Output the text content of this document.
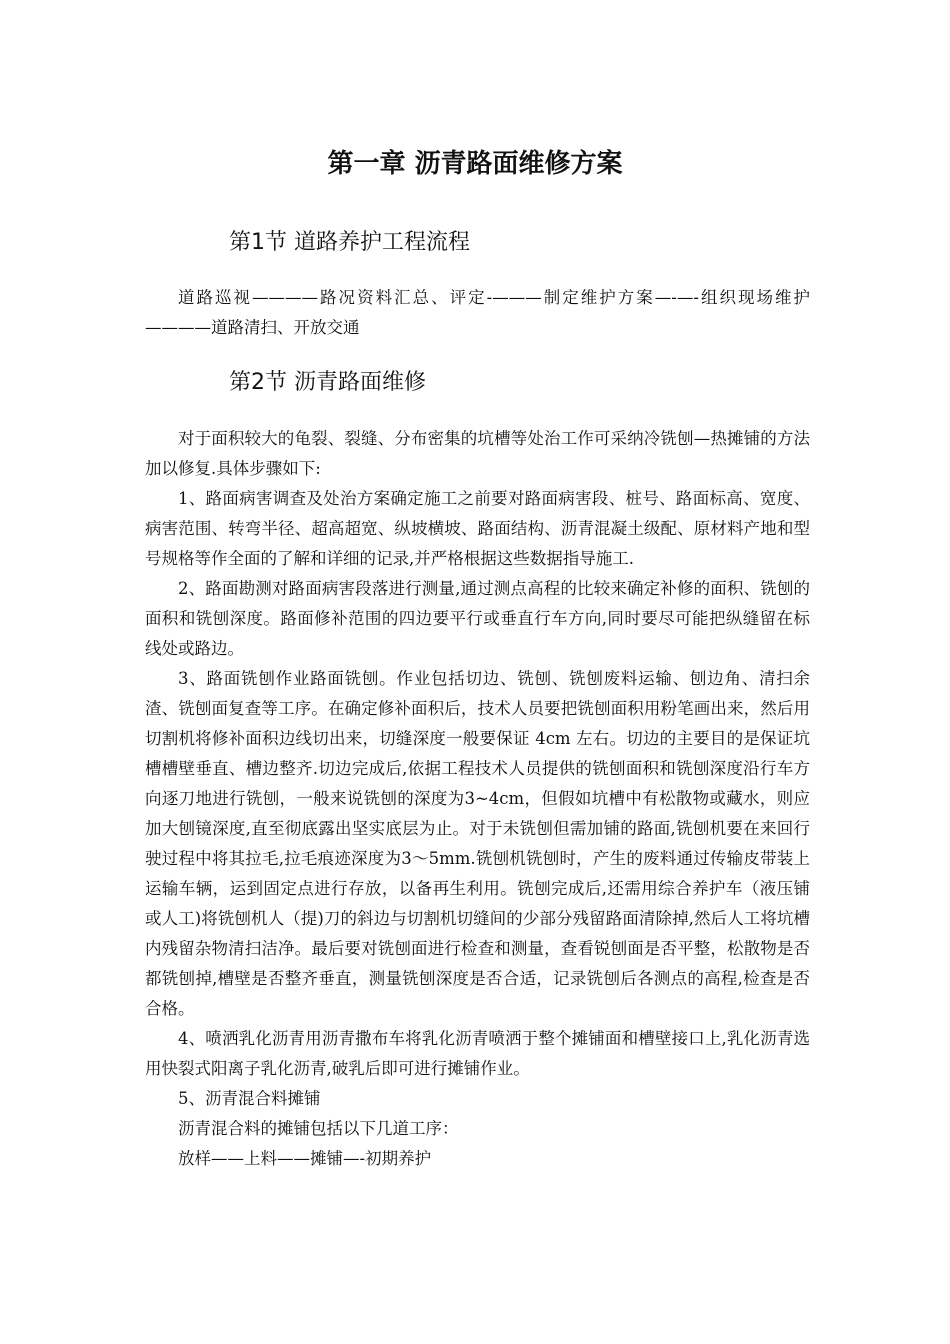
第一章 沥青路面维修方案
第1节 道路养护工程流程

道路巡视————路况资料汇总、评定-———制定维护方案—-—-组织现场维护————道路清扫、开放交通

第2节 沥青路面维修

对于面积较大的龟裂、裂缝、分布密集的坑槽等处治工作可采纳冷铣刨—热摊铺的方法加以修复.具体步骤如下:

1、路面病害调查及处治方案确定施工之前要对路面病害段、桩号、路面标高、宽度、病害范围、转弯半径、超高超宽、纵坡横坡、路面结构、沥青混凝土级配、原材料产地和型号规格等作全面的了解和详细的记录,并严格根据这些数据指导施工.

2、路面勘测对路面病害段落进行测量,通过测点高程的比较来确定补修的面积、铣刨的面积和铣刨深度。路面修补范围的四边要平行或垂直行车方向,同时要尽可能把纵缝留在标线处或路边。

3、路面铣刨作业路面铣刨。作业包括切边、铣刨、铣刨废料运输、刨边角、清扫余渣、铣刨面复查等工序。在确定修补面积后，技术人员要把铣刨面积用粉笔画出来，然后用切割机将修补面积边线切出来，切缝深度一般要保证 4cm 左右。切边的主要目的是保证坑槽槽壁垂直、槽边整齐.切边完成后,依据工程技术人员提供的铣刨面积和铣刨深度沿行车方向逐刀地进行铣刨，一般来说铣刨的深度为3~4cm，但假如坑槽中有松散物或藏水，则应加大刨镜深度,直至彻底露出坚实底层为止。对于未铣刨但需加铺的路面,铣刨机要在来回行驶过程中将其拉毛,拉毛痕迹深度为3～5mm.铣刨机铣刨时，产生的废料通过传输皮带装上运输车辆，运到固定点进行存放，以备再生利用。铣刨完成后,还需用综合养护车（液压铺或人工)将铣刨机人（提)刀的斜边与切割机切缝间的少部分残留路面清除掉,然后人工将坑槽内残留杂物清扫洁净。最后要对铣刨面进行检查和测量，查看锐刨面是否平整，松散物是否都铣刨掉,槽壁是否整齐垂直，测量铣刨深度是否合适，记录铣刨后各测点的高程,检查是否合格。

4、喷洒乳化沥青用沥青撒布车将乳化沥青喷洒于整个摊铺面和槽壁接口上,乳化沥青选用快裂式阳离子乳化沥青,破乳后即可进行摊铺作业。

5、沥青混合料摊铺

沥青混合料的摊铺包括以下几道工序：

放样——上料——摊铺—-初期养护
